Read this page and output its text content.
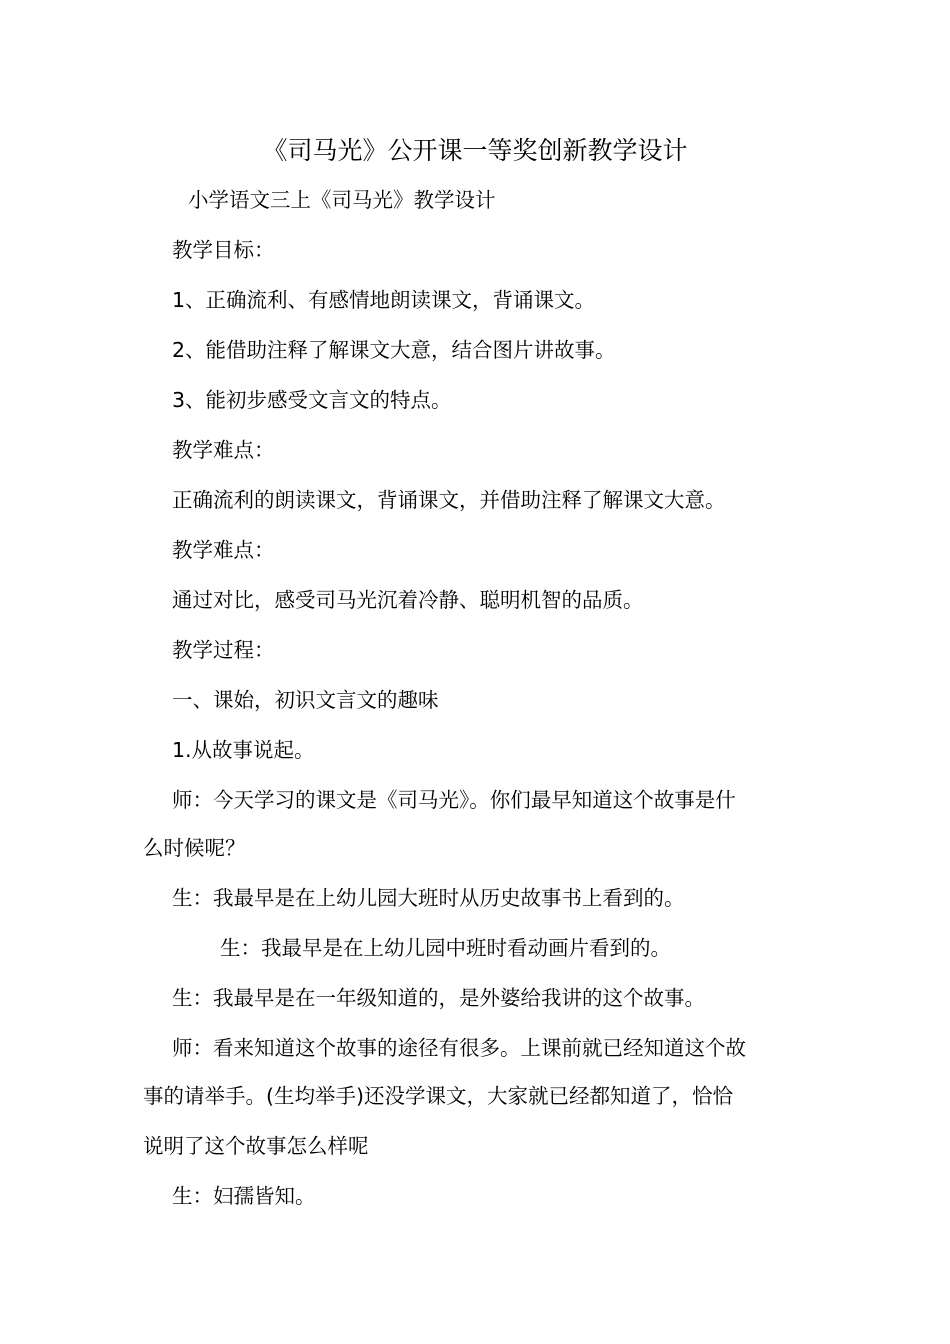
《司马光》公开课一等奖创新教学设计
小学语文三上《司马光》教学设计
教学目标：
1、正确流利、有感情地朗读课文，背诵课文。
2、能借助注释了解课文大意，结合图片讲故事。
3、能初步感受文言文的特点。
教学难点：
正确流利的朗读课文，背诵课文，并借助注释了解课文大意。
教学难点：
通过对比，感受司马光沉着冷静、聪明机智的品质。
教学过程：
一、课始，初识文言文的趣味
1.从故事说起。
师：今天学习的课文是《司马光》。你们最早知道这个故事是什
么时候呢？
生：我最早是在上幼儿园大班时从历史故事书上看到的。
生：我最早是在上幼儿园中班时看动画片看到的。
生：我最早是在一年级知道的，是外婆给我讲的这个故事。
师：看来知道这个故事的途径有很多。上课前就已经知道这个故
事的请举手。(生均举手)还没学课文，大家就已经都知道了，恰恰
说明了这个故事怎么样呢
生：妇孺皆知。
